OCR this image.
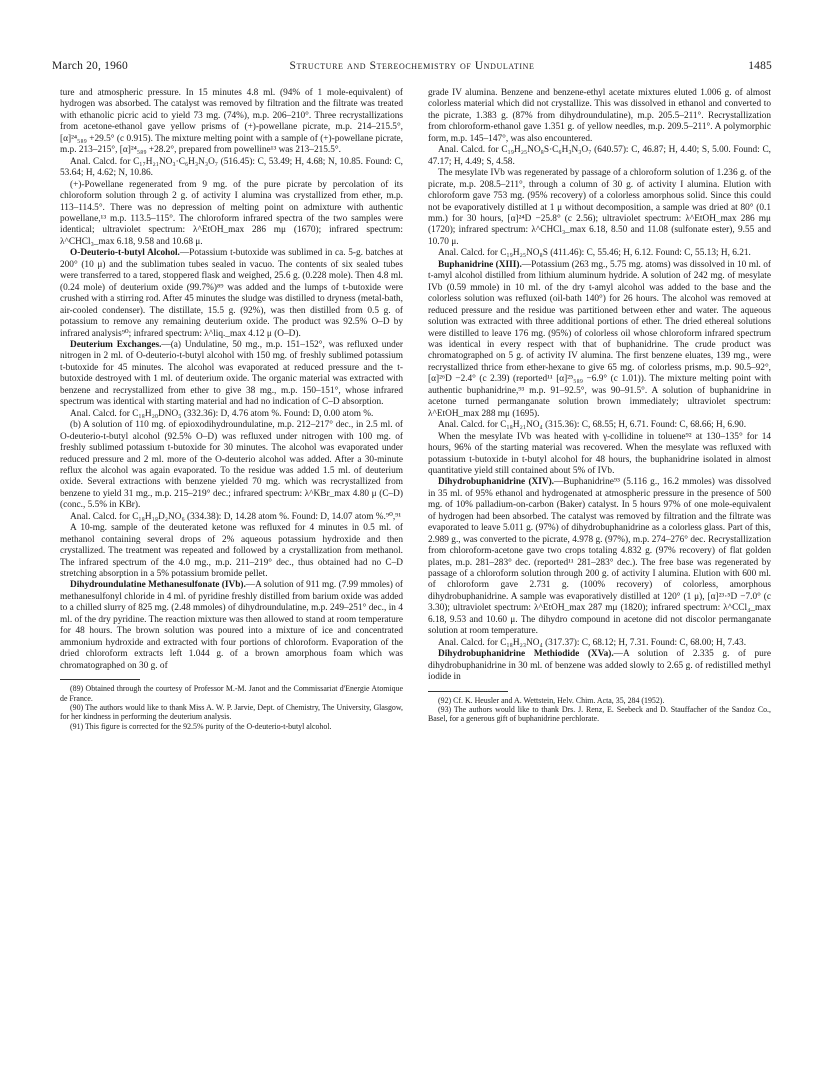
March 20, 1960	Structure and Stereochemistry of Undulatine	1485

ture and atmospheric pressure. In 15 minutes 4.8 ml. (94% of 1 mole-equivalent) of hydrogen was absorbed. The catalyst was removed by filtration and the filtrate was treated with ethanolic picric acid to yield 73 mg. (74%), m.p. 206–210°. Three recrystallizations from acetone-ethanol gave yellow prisms of (+)-powellane picrate, m.p. 214–215.5°, [α]²⁴₅₈₉ +29.5° (c 0.915). The mixture melting point with a sample of (+)-powellane picrate, m.p. 213–215°, [α]²⁴₅₈₉ +28.2°, prepared from powelline¹³ was 213–215.5°.

Anal. Calcd. for C₁₇H₂₁NO₃·C₆H₃N₃O₇ (516.45): C, 53.49; H, 4.68; N, 10.85. Found: C, 53.64; H, 4.62; N, 10.86.

(+)-Powellane regenerated from 9 mg. of the pure picrate by percolation of its chloroform solution through 2 g. of activity I alumina was crystallized from ether, m.p. 113–114.5°. There was no depression of melting point on admixture with authentic powellane,¹³ m.p. 113.5–115°. The chloroform infrared spectra of the two samples were identical; ultraviolet spectrum: λ^EtOH_max 286 mμ (1670); infrared spectrum: λ^CHCl₃_max 6.18, 9.58 and 10.68 μ.

O-Deuterio-t-butyl Alcohol.—Potassium t-butoxide was sublimed in ca. 5-g. batches at 200° (10 μ) and the sublimation tubes sealed in vacuo. The contents of six sealed tubes were transferred to a tared, stoppered flask and weighed, 25.6 g. (0.228 mole). Then 4.8 ml. (0.24 mole) of deuterium oxide (99.7%)⁸⁹ was added and the lumps of t-butoxide were crushed with a stirring rod. After 45 minutes the sludge was distilled to dryness (metal-bath, air-cooled condenser). The distillate, 15.5 g. (92%), was then distilled from 0.5 g. of potassium to remove any remaining deuterium oxide. The product was 92.5% O–D by infrared analysis⁹⁰; infrared spectrum: λ^liq._max 4.12 μ (O–D).

Deuterium Exchanges.—(a) Undulatine, 50 mg., m.p. 151–152°, was refluxed under nitrogen in 2 ml. of O-deuterio-t-butyl alcohol with 150 mg. of freshly sublimed potassium t-butoxide for 45 minutes. The alcohol was evaporated at reduced pressure and the t-butoxide destroyed with 1 ml. of deuterium oxide. The organic material was extracted with benzene and recrystallized from ether to give 38 mg., m.p. 150–151°, whose infrared spectrum was identical with starting material and had no indication of C–D absorption.

Anal. Calcd. for C₁₈H₂₀DNO₅ (332.36): D, 4.76 atom %. Found: D, 0.00 atom %.

(b) A solution of 110 mg. of epioxodihydroundulatine, m.p. 212–217° dec., in 2.5 ml. of O-deuterio-t-butyl alcohol (92.5% O–D) was refluxed under nitrogen with 100 mg. of freshly sublimed potassium t-butoxide for 30 minutes. The alcohol was evaporated under reduced pressure and 2 ml. more of the O-deuterio alcohol was added. After a 30-minute reflux the alcohol was again evaporated. To the residue was added 1.5 ml. of deuterium oxide. Several extractions with benzene yielded 70 mg. which was recrystallized from benzene to yield 31 mg., m.p. 215–219° dec.; infrared spectrum: λ^KBr_max 4.80 μ (C–D) (conc., 5.5% in KBr).

Anal. Calcd. for C₁₈H₁₈D₂NO₆ (334.38): D, 14.28 atom %. Found: D, 14.07 atom %.⁹⁰,⁹¹

A 10-mg. sample of the deuterated ketone was refluxed for 4 minutes in 0.5 ml. of methanol containing several drops of 2% aqueous potassium hydroxide and then crystallized. The treatment was repeated and followed by a crystallization from methanol. The infrared spectrum of the 4.0 mg., m.p. 211–219° dec., thus obtained had no C–D stretching absorption in a 5% potassium bromide pellet.

Dihydroundulatine Methanesulfonate (IVb).—A solution of 911 mg. (7.99 mmoles) of methanesulfonyl chloride in 4 ml. of pyridine freshly distilled from barium oxide was added to a chilled slurry of 825 mg. (2.48 mmoles) of dihydroundulatine, m.p. 249–251° dec., in 4 ml. of the dry pyridine. The reaction mixture was then allowed to stand at room temperature for 48 hours. The brown solution was poured into a mixture of ice and concentrated ammonium hydroxide and extracted with four portions of chloroform. Evaporation of the dried chloroform extracts left 1.044 g. of a brown amorphous foam which was chromatographed on 30 g. of

(89) Obtained through the courtesy of Professor M.-M. Janot and the Commissariat d'Energie Atomique de France.

(90) The authors would like to thank Miss A. W. P. Jarvie, Dept. of Chemistry, The University, Glasgow, for her kindness in performing the deuterium analysis.

(91) This figure is corrected for the 92.5% purity of the O-deuterio-t-butyl alcohol.

grade IV alumina. Benzene and benzene-ethyl acetate mixtures eluted 1.006 g. of almost colorless material which did not crystallize. This was dissolved in ethanol and converted to the picrate, 1.383 g. (87% from dihydroundulatine), m.p. 205.5–211°. Recrystallization from chloroform-ethanol gave 1.351 g. of yellow needles, m.p. 209.5–211°. A polymorphic form, m.p. 145–147°, was also encountered.

Anal. Calcd. for C₁₉H₂₅NO₈S·C₆H₃N₃O₇ (640.57): C, 46.87; H, 4.40; S, 5.00. Found: C, 47.17; H, 4.49; S, 4.58.

The mesylate IVb was regenerated by passage of a chloroform solution of 1.236 g. of the picrate, m.p. 208.5–211°, through a column of 30 g. of activity I alumina. Elution with chloroform gave 753 mg. (95% recovery) of a colorless amorphous solid. Since this could not be evaporatively distilled at 1 μ without decomposition, a sample was dried at 80° (0.1 mm.) for 30 hours, [α]²⁴D −25.8° (c 2.56); ultraviolet spectrum: λ^EtOH_max 286 mμ (1720); infrared spectrum: λ^CHCl₃_max 6.18, 8.50 and 11.08 (sulfonate ester), 9.55 and 10.70 μ.

Anal. Calcd. for C₁₉H₂₅NO₈S (411.46): C, 55.46; H, 6.12. Found: C, 55.13; H, 6.21.

Buphanidrine (XIII).—Potassium (263 mg., 5.75 mg. atoms) was dissolved in 10 ml. of t-amyl alcohol distilled from lithium aluminum hydride. A solution of 242 mg. of mesylate IVb (0.59 mmole) in 10 ml. of the dry t-amyl alcohol was added to the base and the colorless solution was refluxed (oil-bath 140°) for 26 hours. The alcohol was removed at reduced pressure and the residue was partitioned between ether and water. The aqueous solution was extracted with three additional portions of ether. The dried ethereal solutions were distilled to leave 176 mg. (95%) of colorless oil whose chloroform infrared spectrum was identical in every respect with that of buphanidrine. The crude product was chromatographed on 5 g. of activity IV alumina. The first benzene eluates, 139 mg., were recrystallized thrice from ether-hexane to give 65 mg. of colorless prisms, m.p. 90.5–92°, [α]²⁶D −2.4° (c 2.39) (reported¹¹ [α]²⁵₅₈₉ −6.9° (c 1.01)). The mixture melting point with authentic buphanidrine,⁹³ m.p. 91–92.5°, was 90–91.5°. A solution of buphanidrine in acetone turned permanganate solution brown immediately; ultraviolet spectrum: λ^EtOH_max 288 mμ (1695).

Anal. Calcd. for C₁₈H₂₁NO₄ (315.36): C, 68.55; H, 6.71. Found: C, 68.66; H, 6.90.

When the mesylate IVb was heated with γ-collidine in toluene⁹² at 130–135° for 14 hours, 96% of the starting material was recovered. When the mesylate was refluxed with potassium t-butoxide in t-butyl alcohol for 48 hours, the buphanidrine isolated in almost quantitative yield still contained about 5% of IVb.

Dihydrobuphanidrine (XIV).—Buphanidrine⁹³ (5.116 g., 16.2 mmoles) was dissolved in 35 ml. of 95% ethanol and hydrogenated at atmospheric pressure in the presence of 500 mg. of 10% palladium-on-carbon (Baker) catalyst. In 5 hours 97% of one mole-equivalent of hydrogen had been absorbed. The catalyst was removed by filtration and the filtrate was evaporated to leave 5.011 g. (97%) of dihydrobuphanidrine as a colorless glass. Part of this, 2.989 g., was converted to the picrate, 4.978 g. (97%), m.p. 274–276° dec. Recrystallization from chloroform-acetone gave two crops totaling 4.832 g. (97% recovery) of flat golden plates, m.p. 281–283° dec. (reported¹¹ 281–283° dec.). The free base was regenerated by passage of a chloroform solution through 200 g. of activity I alumina. Elution with 600 ml. of chloroform gave 2.731 g. (100% recovery) of colorless, amorphous dihydrobuphanidrine. A sample was evaporatively distilled at 120° (1 μ), [α]²³·⁵D −7.0° (c 3.30); ultraviolet spectrum: λ^EtOH_max 287 mμ (1820); infrared spectrum: λ^CCl₄_max 6.18, 9.53 and 10.60 μ. The dihydro compound in acetone did not discolor permanganate solution at room temperature.

Anal. Calcd. for C₁₈H₂₃NO₄ (317.37): C, 68.12; H, 7.31. Found: C, 68.00; H, 7.43.

Dihydrobuphanidrine Methiodide (XVa).—A solution of 2.335 g. of pure dihydrobuphanidrine in 30 ml. of benzene was added slowly to 2.65 g. of redistilled methyl iodide in

(92) Cf. K. Heusler and A. Wettstein, Helv. Chim. Acta, 35, 284 (1952).

(93) The authors would like to thank Drs. J. Renz, E. Seebeck and D. Stauffacher of the Sandoz Co., Basel, for a generous gift of buphanidrine perchlorate.
